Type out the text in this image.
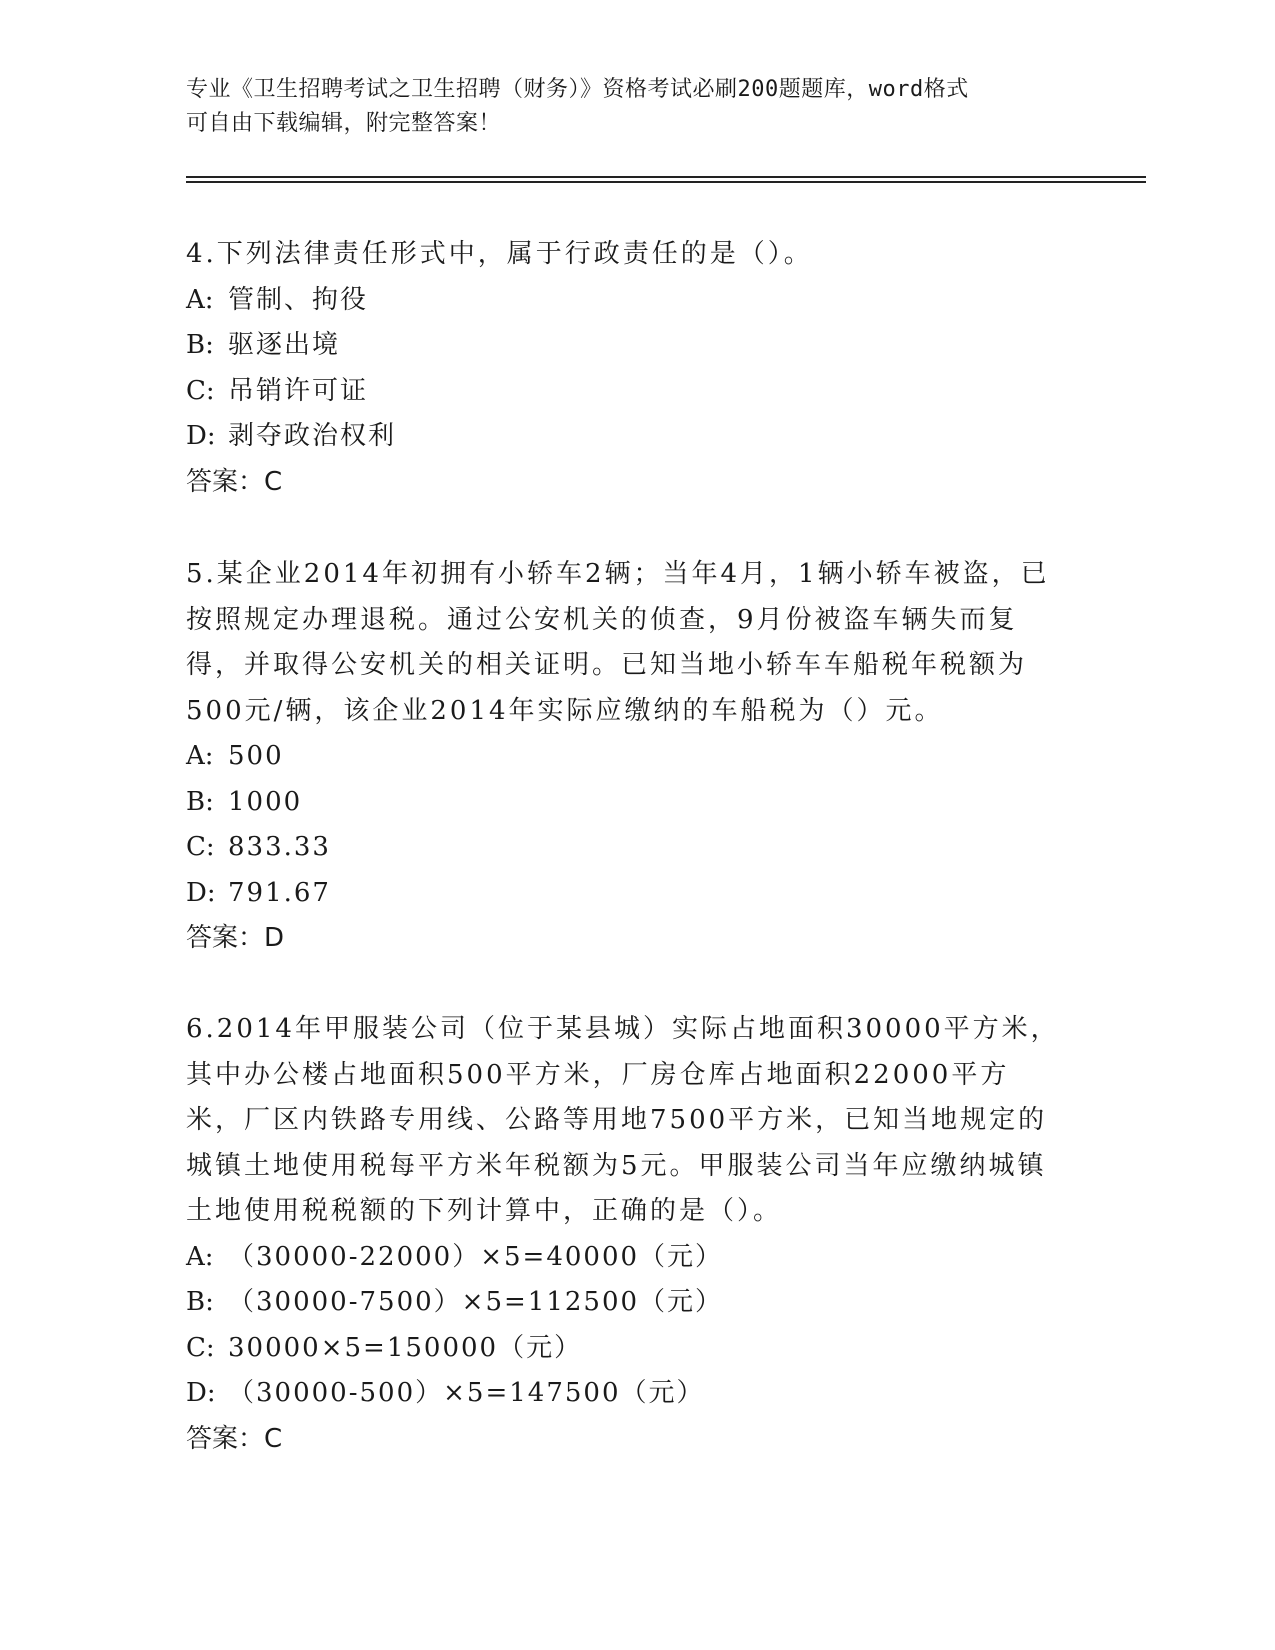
专业《卫生招聘考试之卫生招聘（财务）》资格考试必刷200题题库，word格式
可自由下载编辑，附完整答案！

4.下列法律责任形式中，属于行政责任的是（）。

A: 管制、拘役

B: 驱逐出境

C: 吊销许可证

D: 剥夺政治权利

答案：C

5.某企业2014年初拥有小轿车2辆；当年4月，1辆小轿车被盗，已按照规定办理退税。通过公安机关的侦查，9月份被盗车辆失而复得，并取得公安机关的相关证明。已知当地小轿车车船税年税额为500元/辆，该企业2014年实际应缴纳的车船税为（）元。

A: 500

B: 1000

C: 833.33

D: 791.67

答案：D

6.2014年甲服装公司（位于某县城）实际占地面积30000平方米，其中办公楼占地面积500平方米，厂房仓库占地面积22000平方米，厂区内铁路专用线、公路等用地7500平方米，已知当地规定的城镇土地使用税每平方米年税额为5元。甲服装公司当年应缴纳城镇土地使用税税额的下列计算中，正确的是（）。

A: （30000-22000）×5=40000（元）

B: （30000-7500）×5=112500（元）

C: 30000×5=150000（元）

D: （30000-500）×5=147500（元）

答案：C
